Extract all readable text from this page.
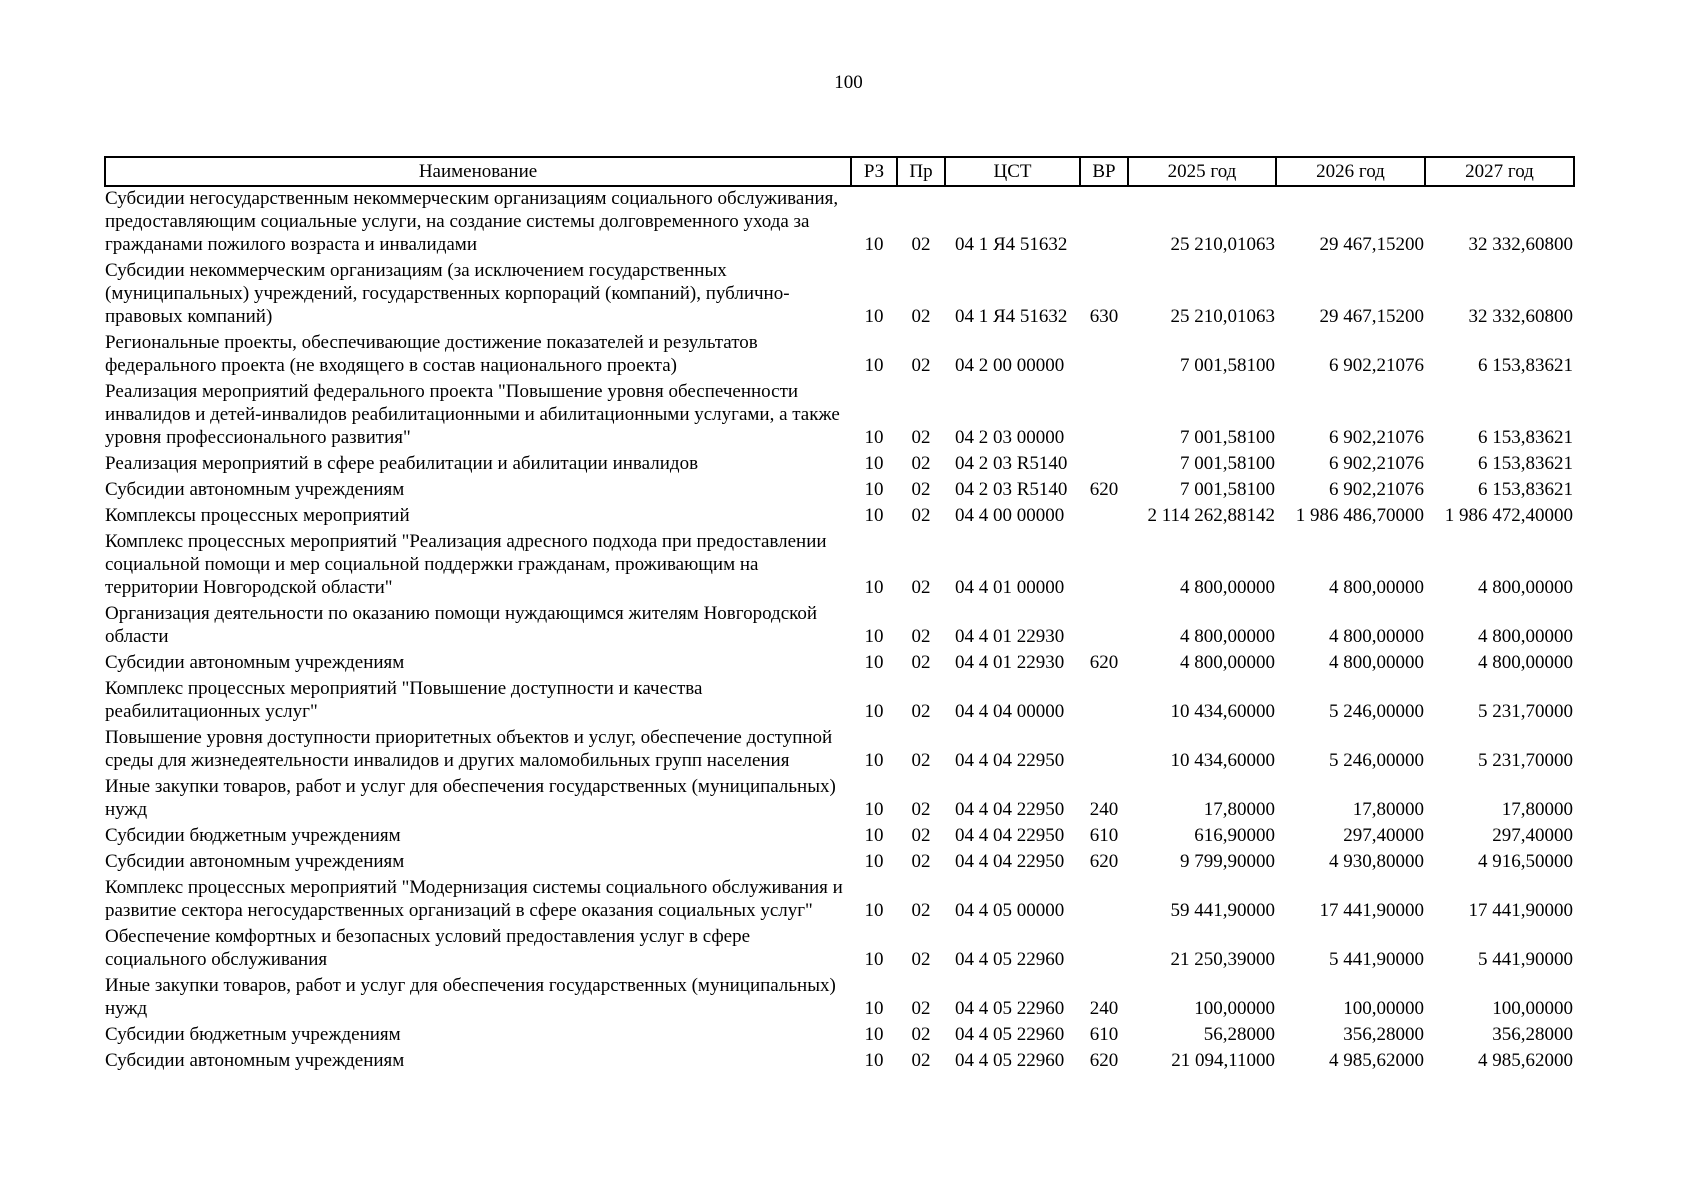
100
Наименование	РЗ	Пр	ЦСТ	ВР	2025 год	2026 год	2027 год
Субсидии негосударственным некоммерческим организациям социального обслуживания, предоставляющим социальные услуги, на создание системы долговременного ухода за гражданами пожилого возраста и инвалидами	10	02	04 1 Я4 51632		25 210,01063	29 467,15200	32 332,60800
Субсидии некоммерческим организациям (за исключением государственных (муниципальных) учреждений, государственных корпораций (компаний), публично-правовых компаний)	10	02	04 1 Я4 51632	630	25 210,01063	29 467,15200	32 332,60800
Региональные проекты, обеспечивающие достижение показателей и результатов федерального проекта (не входящего в состав национального проекта)	10	02	04 2 00 00000		7 001,58100	6 902,21076	6 153,83621
Реализация мероприятий федерального проекта "Повышение уровня обеспеченности инвалидов и детей-инвалидов реабилитационными и абилитационными услугами, а также уровня профессионального развития"	10	02	04 2 03 00000		7 001,58100	6 902,21076	6 153,83621
Реализация мероприятий в сфере реабилитации и абилитации инвалидов	10	02	04 2 03 R5140		7 001,58100	6 902,21076	6 153,83621
Субсидии автономным учреждениям	10	02	04 2 03 R5140	620	7 001,58100	6 902,21076	6 153,83621
Комплексы процессных мероприятий	10	02	04 4 00 00000		2 114 262,88142	1 986 486,70000	1 986 472,40000
Комплекс процессных мероприятий "Реализация адресного подхода при предоставлении социальной помощи и мер социальной поддержки гражданам, проживающим на территории Новгородской области"	10	02	04 4 01 00000		4 800,00000	4 800,00000	4 800,00000
Организация деятельности по оказанию помощи нуждающимся жителям Новгородской области	10	02	04 4 01 22930		4 800,00000	4 800,00000	4 800,00000
Субсидии автономным учреждениям	10	02	04 4 01 22930	620	4 800,00000	4 800,00000	4 800,00000
Комплекс процессных мероприятий "Повышение доступности и качества реабилитационных услуг"	10	02	04 4 04 00000		10 434,60000	5 246,00000	5 231,70000
Повышение уровня доступности приоритетных объектов и услуг, обеспечение доступной среды для жизнедеятельности инвалидов и других маломобильных групп населения	10	02	04 4 04 22950		10 434,60000	5 246,00000	5 231,70000
Иные закупки товаров, работ и услуг для обеспечения государственных (муниципальных) нужд	10	02	04 4 04 22950	240	17,80000	17,80000	17,80000
Субсидии бюджетным учреждениям	10	02	04 4 04 22950	610	616,90000	297,40000	297,40000
Субсидии автономным учреждениям	10	02	04 4 04 22950	620	9 799,90000	4 930,80000	4 916,50000
Комплекс процессных мероприятий "Модернизация системы социального обслуживания и развитие сектора негосударственных организаций в сфере оказания социальных услуг"	10	02	04 4 05 00000		59 441,90000	17 441,90000	17 441,90000
Обеспечение комфортных и безопасных условий предоставления услуг в сфере социального обслуживания	10	02	04 4 05 22960		21 250,39000	5 441,90000	5 441,90000
Иные закупки товаров, работ и услуг для обеспечения государственных (муниципальных) нужд	10	02	04 4 05 22960	240	100,00000	100,00000	100,00000
Субсидии бюджетным учреждениям	10	02	04 4 05 22960	610	56,28000	356,28000	356,28000
Субсидии автономным учреждениям	10	02	04 4 05 22960	620	21 094,11000	4 985,62000	4 985,62000
